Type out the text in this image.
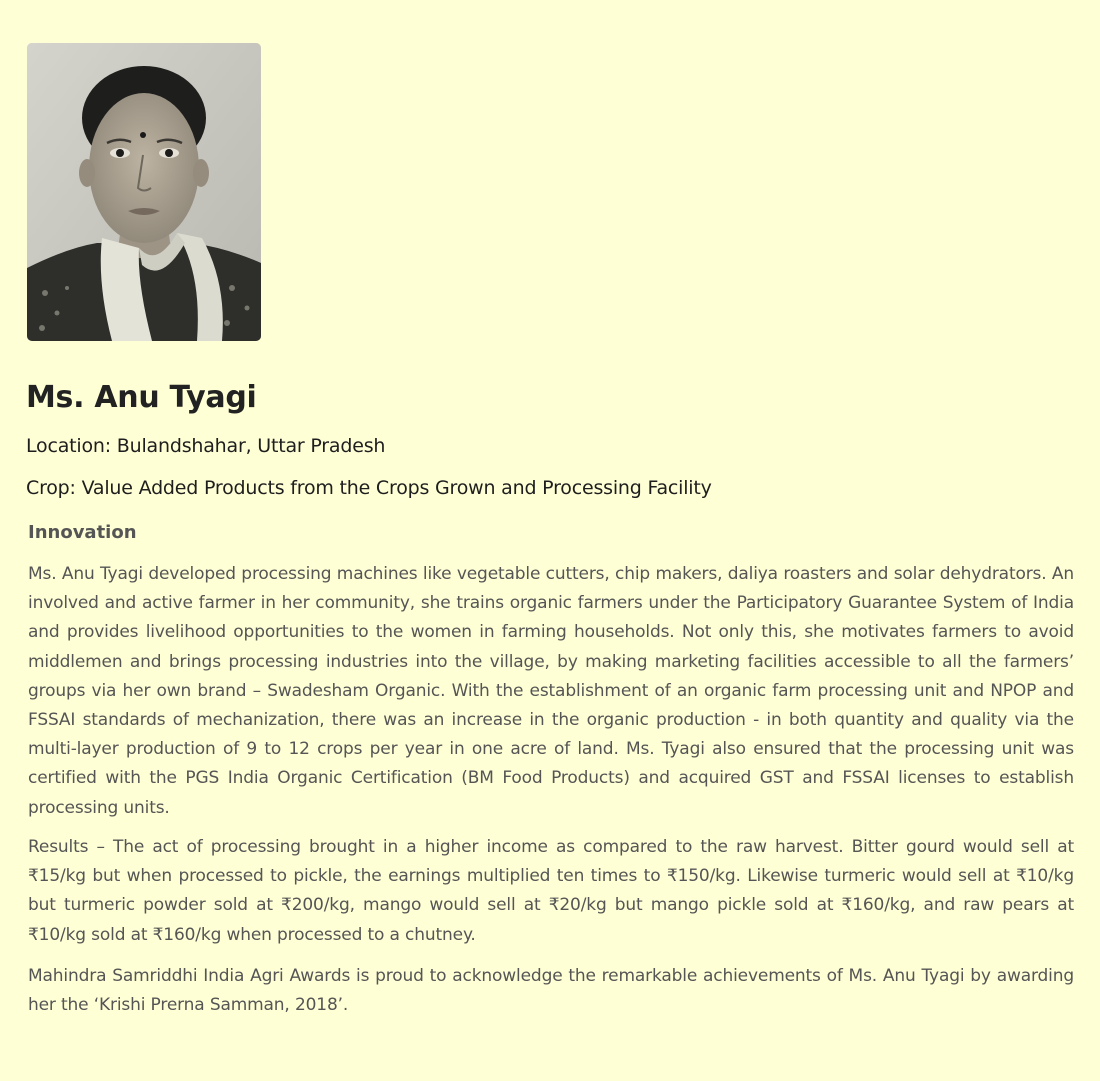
Ms. Anu Tyagi

Location: Bulandshahar, Uttar Pradesh

Crop: Value Added Products from the Crops Grown and Processing Facility

Innovation

Ms. Anu Tyagi developed processing machines like vegetable cutters, chip makers, daliya roasters and solar dehydrators. An involved and active farmer in her community, she trains organic farmers under the Participatory Guarantee System of India and provides livelihood opportunities to the women in farming households. Not only this, she motivates farmers to avoid middlemen and brings processing industries into the village, by making marketing facilities accessible to all the farmers’ groups via her own brand – Swadesham Organic. With the establishment of an organic farm processing unit and NPOP and FSSAI standards of mechanization, there was an increase in the organic production - in both quantity and quality via the multi-layer production of 9 to 12 crops per year in one acre of land. Ms. Tyagi also ensured that the processing unit was certified with the PGS India Organic Certification (BM Food Products) and acquired GST and FSSAI licenses to establish processing units.

Results – The act of processing brought in a higher income as compared to the raw harvest. Bitter gourd would sell at ₹15/kg but when processed to pickle, the earnings multiplied ten times to ₹150/kg. Likewise turmeric would sell at ₹10/kg but turmeric powder sold at ₹200/kg, mango would sell at ₹20/kg but mango pickle sold at ₹160/kg, and raw pears at ₹10/kg sold at ₹160/kg when processed to a chutney.

Mahindra Samriddhi India Agri Awards is proud to acknowledge the remarkable achievements of Ms. Anu Tyagi by awarding her the ‘Krishi Prerna Samman, 2018’.
